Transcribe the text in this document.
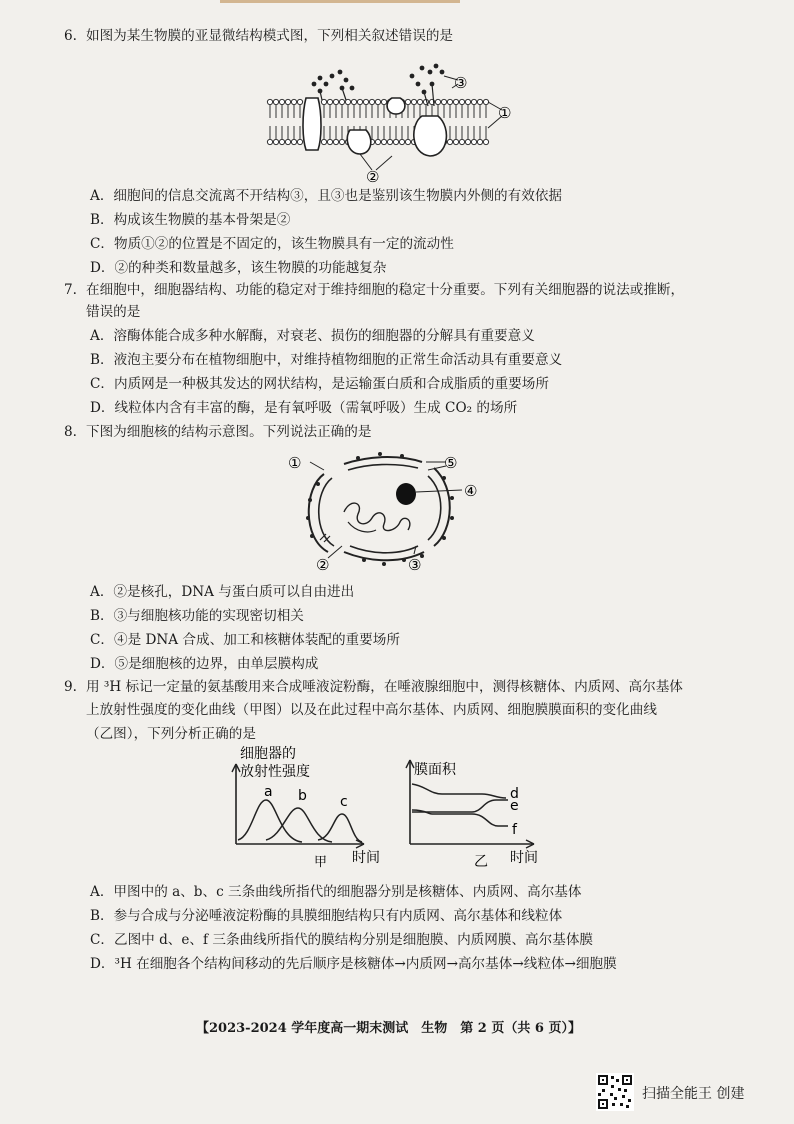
6. 如图为某生物膜的亚显微结构模式图，下列相关叙述错误的是
①
③
②
A．细胞间的信息交流离不开结构③，且③也是鉴别该生物膜内外侧的有效依据
B．构成该生物膜的基本骨架是②
C．物质①②的位置是不固定的，该生物膜具有一定的流动性
D．②的种类和数量越多，该生物膜的功能越复杂
7. 在细胞中，细胞器结构、功能的稳定对于维持细胞的稳定十分重要。下列有关细胞器的说法或推断，
错误的是
A．溶酶体能合成多种水解酶，对衰老、损伤的细胞器的分解具有重要意义
B．液泡主要分布在植物细胞中，对维持植物细胞的正常生命活动具有重要意义
C．内质网是一种极其发达的网状结构，是运输蛋白质和合成脂质的重要场所
D．线粒体内含有丰富的酶，是有氧呼吸（需氧呼吸）生成 CO₂ 的场所
8. 下图为细胞核的结构示意图。下列说法正确的是
①
②	③
④
⑤
A．②是核孔，DNA 与蛋白质可以自由进出
B．③与细胞核功能的实现密切相关
C．④是 DNA 合成、加工和核糖体装配的重要场所
D．⑤是细胞核的边界，由单层膜构成
9. 用 ³H 标记一定量的氨基酸用来合成唾液淀粉酶，在唾液腺细胞中，测得核糖体、内质网、高尔基体
上放射性强度的变化曲线（甲图）以及在此过程中高尔基体、内质网、细胞膜膜面积的变化曲线
（乙图），下列分析正确的是
细胞器的
放射性强度
a b c
甲 时间
膜面积
d
e
f
乙 时间
A．甲图中的 a、b、c 三条曲线所指代的细胞器分别是核糖体、内质网、高尔基体
B．参与合成与分泌唾液淀粉酶的具膜细胞结构只有内质网、高尔基体和线粒体
C．乙图中 d、e、f 三条曲线所指代的膜结构分别是细胞膜、内质网膜、高尔基体膜
D．³H 在细胞各个结构间移动的先后顺序是核糖体→内质网→高尔基体→线粒体→细胞膜
【2023-2024 学年度高一期末测试　生物　第 2 页（共 6 页）】
扫描全能王 创建
